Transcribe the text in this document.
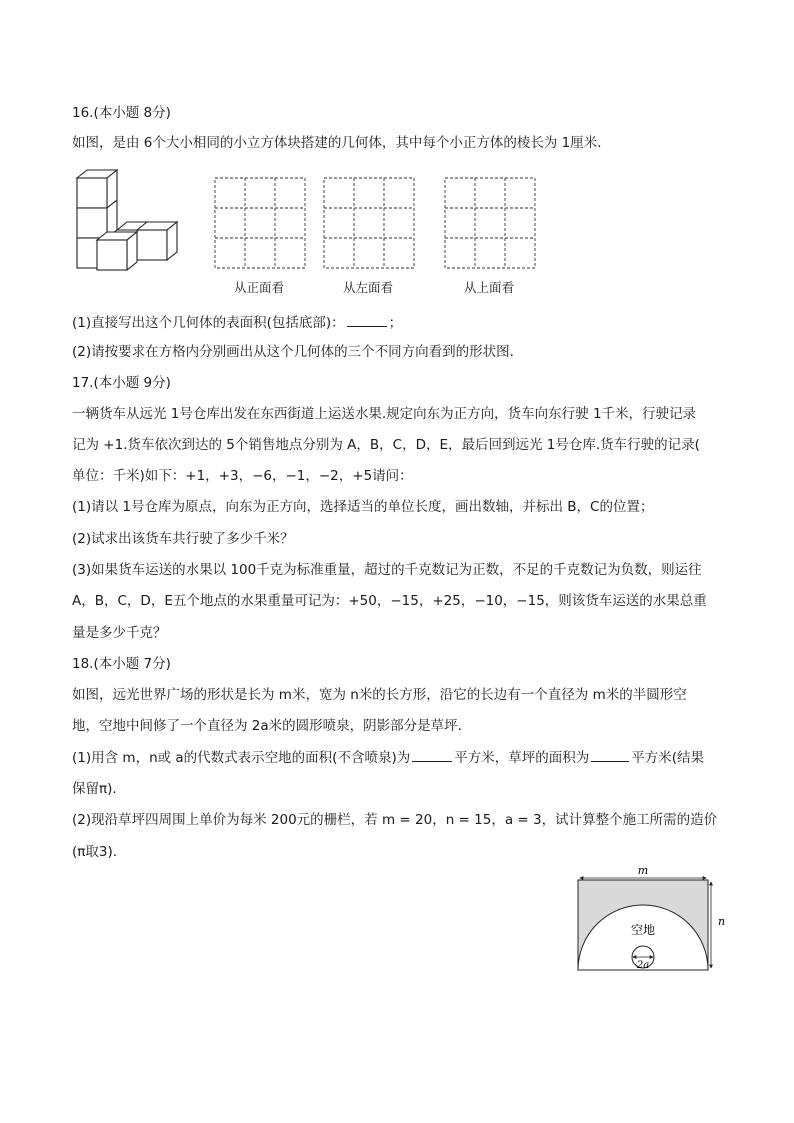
16.(本小题 8分)
如图，是由 6个大小相同的小立方体块搭建的几何体，其中每个小正方体的棱长为 1厘米.
从正面看	从左面看	从上面看
(1)直接写出这个几何体的表面积(包括底部)：	；
(2)请按要求在方格内分别画出从这个几何体的三个不同方向看到的形状图.
17.(本小题 9分)
一辆货车从远光 1号仓库出发在东西街道上运送水果.规定向东为正方向，货车向东行驶 1千米，行驶记录
记为 +1.货车依次到达的 5个销售地点分别为 A，B，C，D，E，最后回到远光 1号仓库.货车行驶的记录(
单位：千米)如下：+1，+3，−6，−1，−2，+5请问：
(1)请以 1号仓库为原点，向东为正方向，选择适当的单位长度，画出数轴，并标出 B，C的位置；
(2)试求出该货车共行驶了多少千米？
(3)如果货车运送的水果以 100千克为标准重量，超过的千克数记为正数，不足的千克数记为负数，则运往
A，B，C，D，E五个地点的水果重量可记为：+50，−15，+25，−10，−15，则该货车运送的水果总重
量是多少千克？
18.(本小题 7分)
如图，远光世界广场的形状是长为 m米，宽为 n米的长方形，沿它的长边有一个直径为 m米的半圆形空
地，空地中间修了一个直径为 2a米的圆形喷泉，阴影部分是草坪.
(1)用含 m，n或 a的代数式表示空地的面积(不含喷泉)为	平方米，草坪的面积为	平方米(结果
保留π).
(2)现沿草坪四周围上单价为每米 200元的栅栏，若 m = 20，n = 15，a = 3，试计算整个施工所需的造价
(π取3).
m
n
空地
2a
